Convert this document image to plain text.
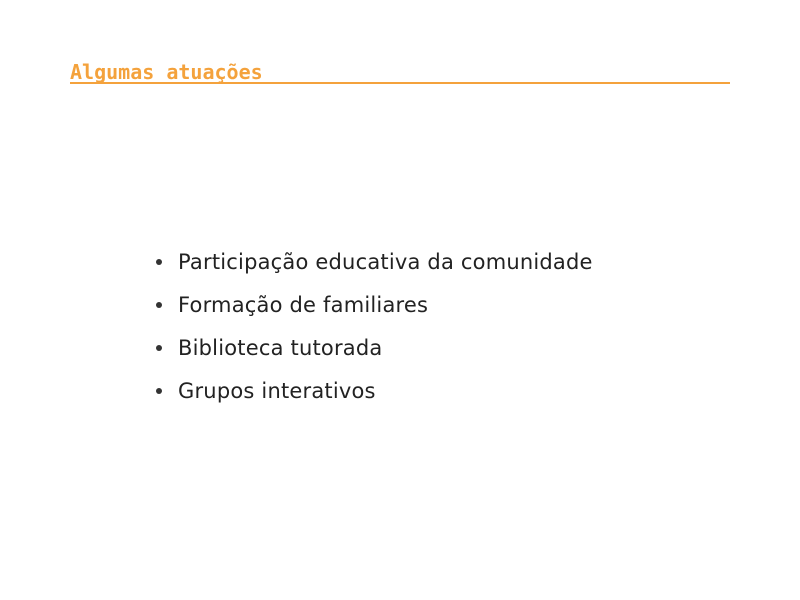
Algumas atuações
Participação educativa da comunidade
Formação de familiares
Biblioteca tutorada
Grupos interativos
